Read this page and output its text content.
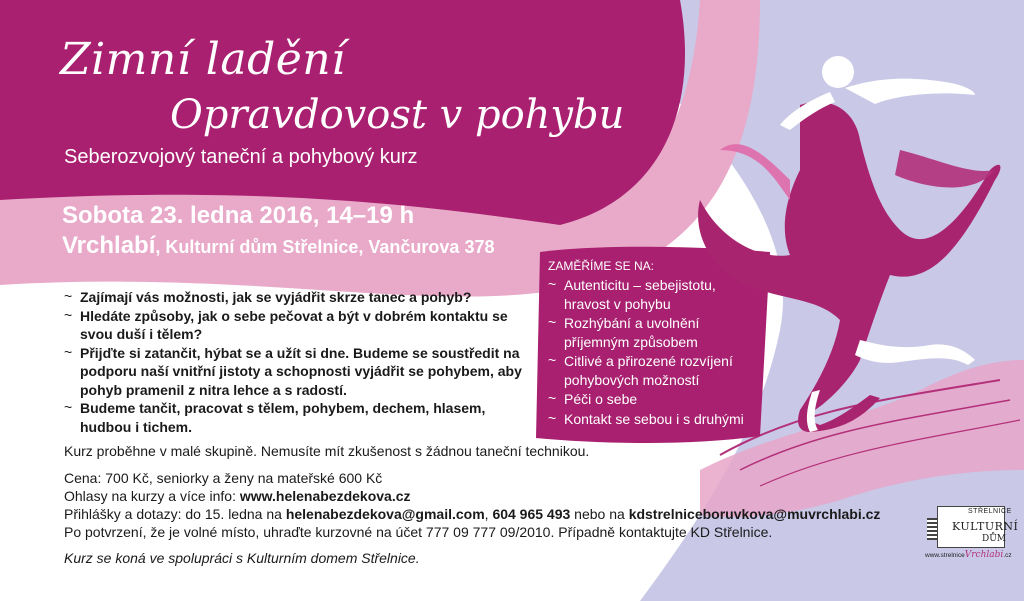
Zimní ladění
Opravdovost v pohybu
Seberozvojový taneční a pohybový kurz
Sobota 23. ledna 2016, 14–19 h
Vrchlabí, Kulturní dům Střelnice, Vančurova 378
~ Zajímají vás možnosti, jak se vyjádřit skrze tanec a pohyb?
~ Hledáte způsoby, jak o sebe pečovat a být v dobrém kontaktu se svou duší i tělem?
~ Přijďte si zatančit, hýbat se a užít si dne. Budeme se soustředit na podporu naší vnitřní jistoty a schopnosti vyjádřit se pohybem, aby pohyb pramenil z nitra lehce a s radostí.
~ Budeme tančit, pracovat s tělem, pohybem, dechem, hlasem, hudbou i tichem.
Kurz proběhne v malé skupině. Nemusíte mít zkušenost s žádnou taneční technikou.
Cena: 700 Kč, seniorky a ženy na mateřské 600 Kč
Ohlasy na kurzy a více info: www.helenabezdekova.cz
Přihlášky a dotazy: do 15. ledna na helenabezdekova@gmail.com, 604 965 493 nebo na kdstrelniceboruvkova@muvrchlabi.cz
Po potvrzení, že je volné místo, uhraďte kurzovné na účet 777 09 777 09/2010. Případně kontaktujte KD Střelnice.
Kurz se koná ve spolupráci s Kulturním domem Střelnice.
ZAMĚŘÍME SE NA:
~ Autenticitu – sebejistotu, hravost v pohybu
~ Rozhýbání a uvolnění příjemným způsobem
~ Citlivé a přirozené rozvíjení pohybových možností
~ Péči o sebe
~ Kontakt se sebou i s druhými
STŘELNICE
KULTURNÍ
DŮM
www.strelniceVrchlabi.cz
